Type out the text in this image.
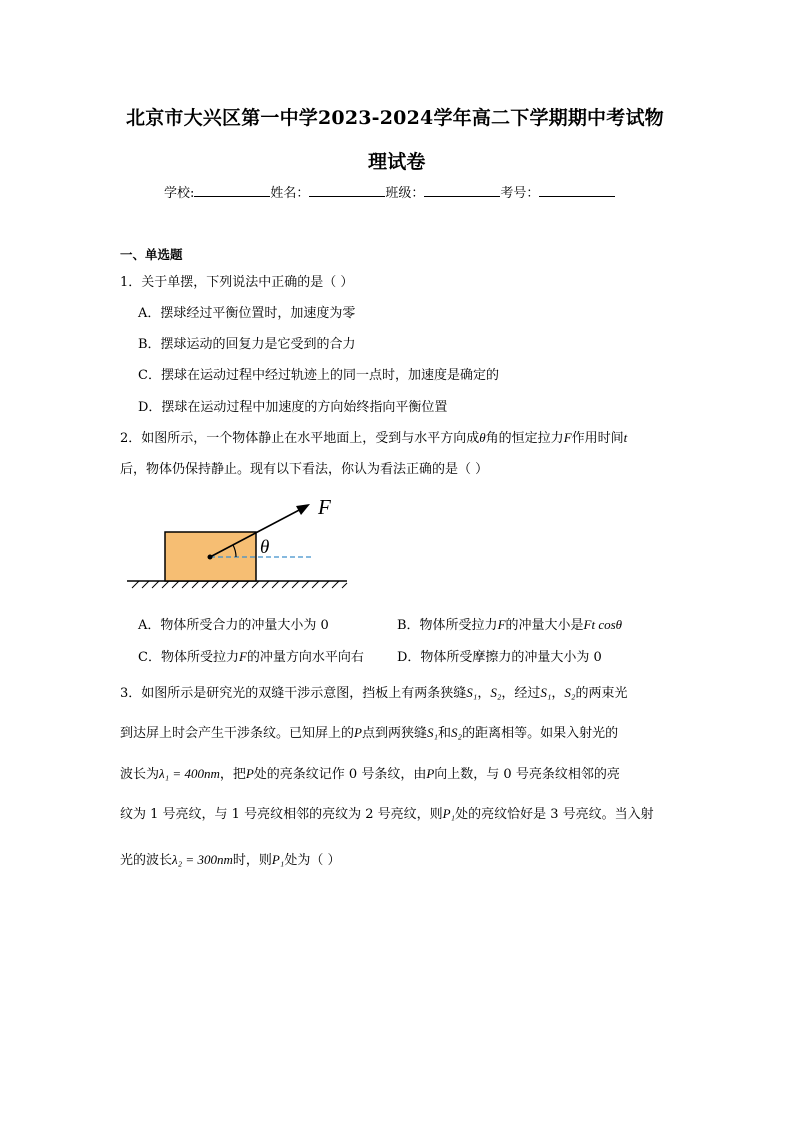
北京市大兴区第一中学2023-2024学年高二下学期期中考试物
理试卷
学校:	姓名：	班级：	考号：
一、单选题
1．关于单摆，下列说法中正确的是（ ）
A．摆球经过平衡位置时，加速度为零
B．摆球运动的回复力是它受到的合力
C．摆球在运动过程中经过轨迹上的同一点时，加速度是确定的
D．摆球在运动过程中加速度的方向始终指向平衡位置
2．如图所示，一个物体静止在水平地面上，受到与水平方向成θ角的恒定拉力F作用时间t
后，物体仍保持静止。现有以下看法，你认为看法正确的是（ ）
F
θ
A．物体所受合力的冲量大小为 0	B．物体所受拉力F的冲量大小是Ft cosθ
C．物体所受拉力F的冲量方向水平向右	D．物体所受摩擦力的冲量大小为 0
3．如图所示是研究光的双缝干涉示意图，挡板上有两条狭缝S₁，S₂，经过S₁，S₂的两束光
到达屏上时会产生干涉条纹。已知屏上的P点到两狭缝S₁和S₂的距离相等。如果入射光的
波长为λ₁ = 400nm，把P处的亮条纹记作 0 号条纹，由P向上数，与 0 号亮条纹相邻的亮
纹为 1 号亮纹，与 1 号亮纹相邻的亮纹为 2 号亮纹，则P₁处的亮纹恰好是 3 号亮纹。当入射
光的波长λ₂ = 300nm时，则P₁处为（ ）
